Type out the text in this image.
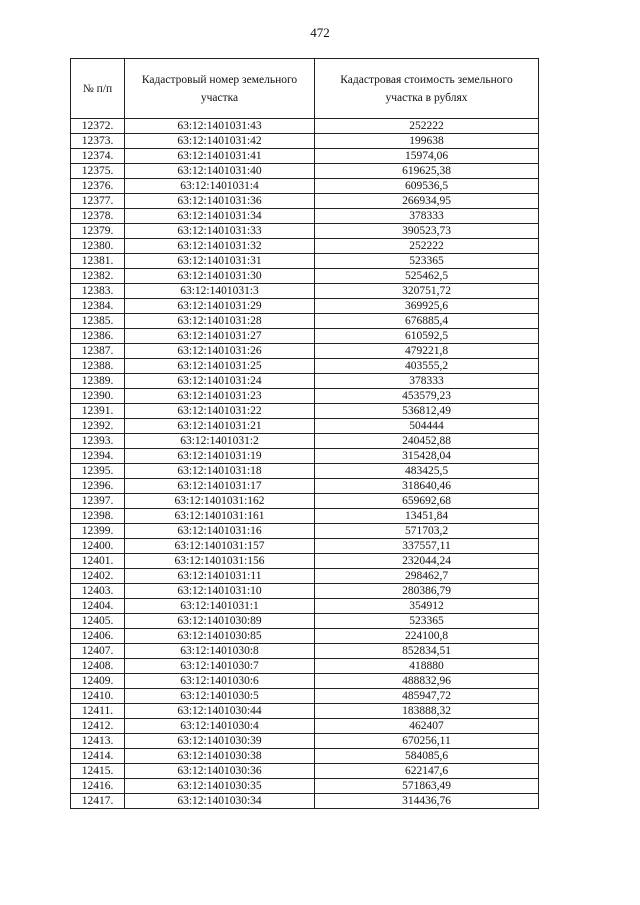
472
№ п/п	Кадастровый номер земельного участка	Кадастровая стоимость земельного участка в рублях
12372.	63:12:1401031:43	252222
12373.	63:12:1401031:42	199638
12374.	63:12:1401031:41	15974,06
12375.	63:12:1401031:40	619625,38
12376.	63:12:1401031:4	609536,5
12377.	63:12:1401031:36	266934,95
12378.	63:12:1401031:34	378333
12379.	63:12:1401031:33	390523,73
12380.	63:12:1401031:32	252222
12381.	63:12:1401031:31	523365
12382.	63:12:1401031:30	525462,5
12383.	63:12:1401031:3	320751,72
12384.	63:12:1401031:29	369925,6
12385.	63:12:1401031:28	676885,4
12386.	63:12:1401031:27	610592,5
12387.	63:12:1401031:26	479221,8
12388.	63:12:1401031:25	403555,2
12389.	63:12:1401031:24	378333
12390.	63:12:1401031:23	453579,23
12391.	63:12:1401031:22	536812,49
12392.	63:12:1401031:21	504444
12393.	63:12:1401031:2	240452,88
12394.	63:12:1401031:19	315428,04
12395.	63:12:1401031:18	483425,5
12396.	63:12:1401031:17	318640,46
12397.	63:12:1401031:162	659692,68
12398.	63:12:1401031:161	13451,84
12399.	63:12:1401031:16	571703,2
12400.	63:12:1401031:157	337557,11
12401.	63:12:1401031:156	232044,24
12402.	63:12:1401031:11	298462,7
12403.	63:12:1401031:10	280386,79
12404.	63:12:1401031:1	354912
12405.	63:12:1401030:89	523365
12406.	63:12:1401030:85	224100,8
12407.	63:12:1401030:8	852834,51
12408.	63:12:1401030:7	418880
12409.	63:12:1401030:6	488832,96
12410.	63:12:1401030:5	485947,72
12411.	63:12:1401030:44	183888,32
12412.	63:12:1401030:4	462407
12413.	63:12:1401030:39	670256,11
12414.	63:12:1401030:38	584085,6
12415.	63:12:1401030:36	622147,6
12416.	63:12:1401030:35	571863,49
12417.	63:12:1401030:34	314436,76
